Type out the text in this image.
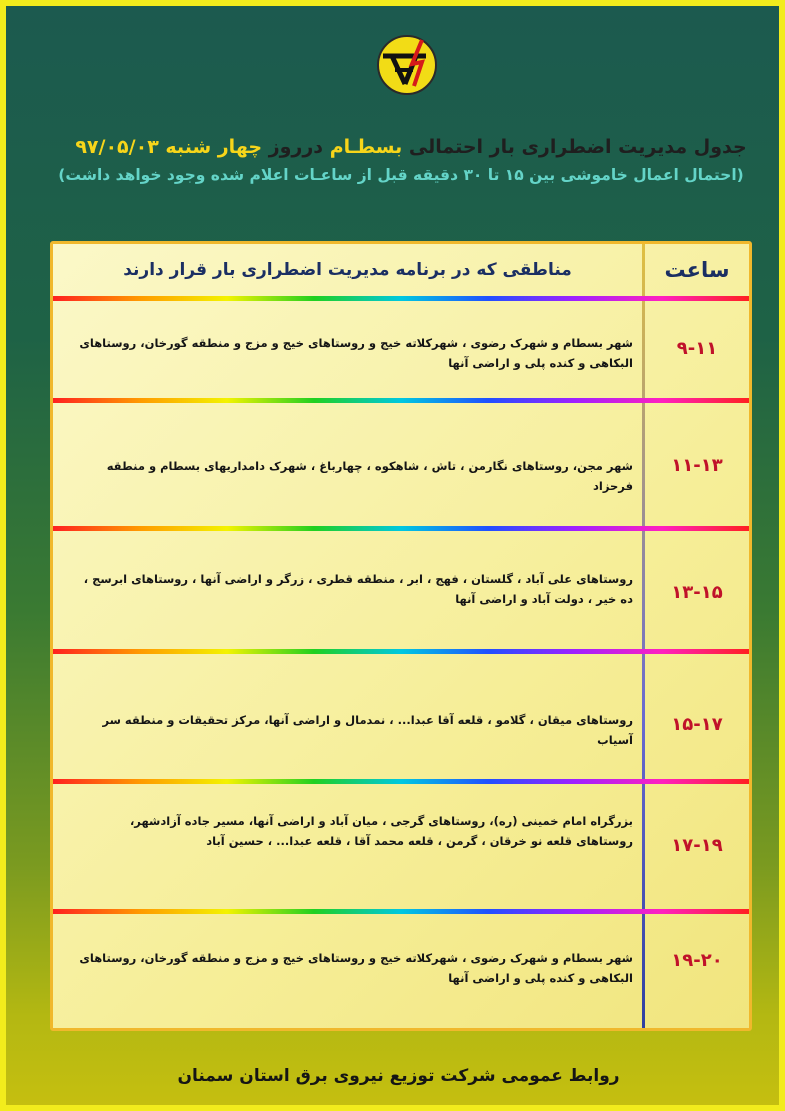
جدول مدیریت اضطراری بار احتمالی بسطـام درروز چهار شنبه ۹۷/۰۵/۰۳
(احتمال اعمال خاموشی بین ۱۵ تا ۳۰ دقیقه قبل از ساعـات اعلام شده وجود خواهد داشت)
ساعت
مناطقی که در برنامه مدیریت اضطراری بار قرار دارند
۹-۱۱
شهر بسطام و شهرک رضوی ، شهرکلاته خیج و روستاهای خیج و مزج و منطقه گورخان، روستاهای البکاهی و کنده پلی و اراضی آنها
۱۱-۱۳
شهر مجن، روستاهای نگارمن ، تاش ، شاهکوه ، چهارباغ ، شهرک دامداریهای بسطام و منطقه فرحزاد
۱۳-۱۵
روستاهای علی آباد ، گلستان ، فهج ، ابر ، منطقه قطری ، زرگر و اراضی آنها ، روستاهای ابرسج ، ده خیر ، دولت آباد و اراضی آنها
۱۵-۱۷
روستاهای میقان ، گلامو ، قلعه آقا عبدا... ، نمدمال و اراضی آنها، مرکز تحقیقات و منطقه سر آسیاب
۱۷-۱۹
بزرگراه امام خمینی (ره)، روستاهای گرجی ، میان آباد و اراضی آنها، مسیر جاده آزادشهر، روستاهای قلعه نو خرقان ، گرمن ، قلعه محمد آقا ، قلعه عبدا... ، حسین آباد
۱۹-۲۰
شهر بسطام و شهرک رضوی ، شهرکلاته خیج و روستاهای خیج و مزج و منطقه گورخان، روستاهای البکاهی و کنده پلی و اراضی آنها
روابط عمومی شرکت توزیع نیروی برق استان سمنان
